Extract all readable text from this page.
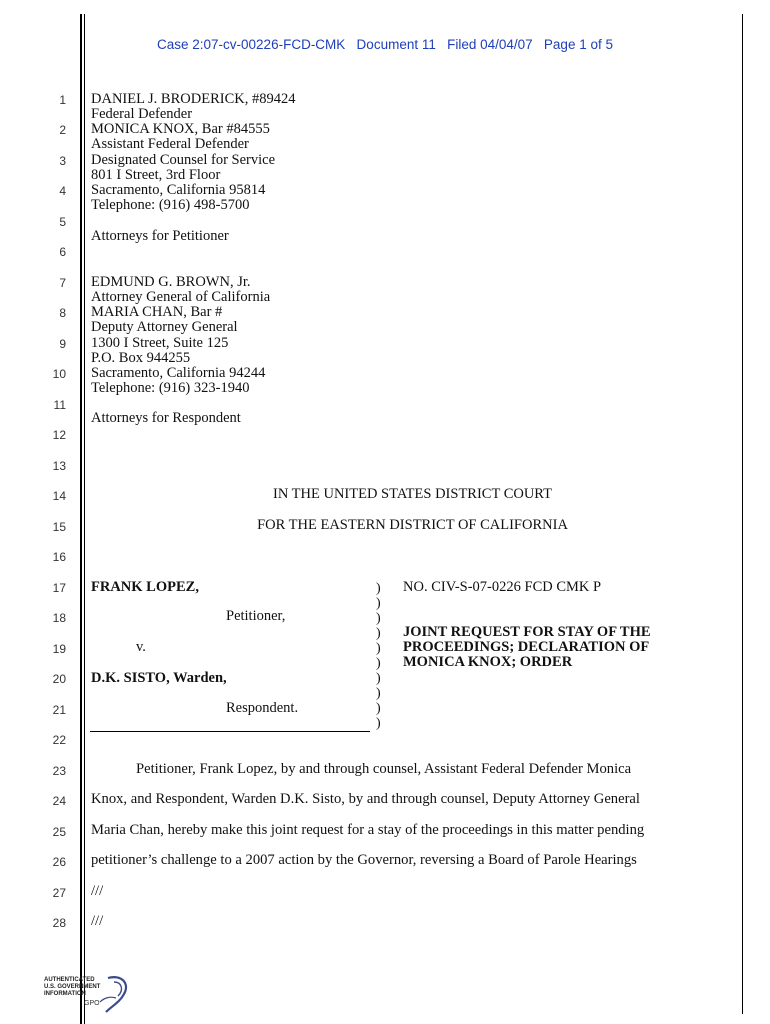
Case 2:07-cv-00226-FCD-CMK   Document 11   Filed 04/04/07   Page 1 of 5
1
2
3
4
5
6
7
8
9
10
11
12
13
14
15
16
17
18
19
20
21
22
23
24
25
26
27
28
DANIEL J. BRODERICK, #89424
Federal Defender
MONICA KNOX, Bar #84555
Assistant Federal Defender
Designated Counsel for Service
801 I Street, 3rd Floor
Sacramento, California 95814
Telephone: (916) 498-5700
Attorneys for Petitioner
EDMUND G. BROWN, Jr.
Attorney General of California
MARIA CHAN, Bar #
Deputy Attorney General
1300 I Street, Suite 125
P.O. Box 944255
Sacramento, California 94244
Telephone: (916) 323-1940
Attorneys for Respondent
IN THE UNITED STATES DISTRICT COURT
FOR THE EASTERN DISTRICT OF CALIFORNIA
FRANK LOPEZ,
Petitioner,
v.
D.K. SISTO, Warden,
Respondent.
)
)
)
)
)
)
)
)
)
)
NO. CIV-S-07-0226 FCD CMK P
JOINT REQUEST FOR STAY OF THE
PROCEEDINGS; DECLARATION OF
MONICA KNOX; ORDER
Petitioner, Frank Lopez, by and through counsel, Assistant Federal Defender Monica
Knox, and Respondent, Warden D.K. Sisto, by and through counsel, Deputy Attorney General
Maria Chan, hereby make this joint request for a stay of the proceedings in this matter pending
petitioner’s challenge to a 2007 action by the Governor, reversing a Board of Parole Hearings
///
///
AUTHENTICATED
U.S. GOVERNMENT
INFORMATION
GPO
